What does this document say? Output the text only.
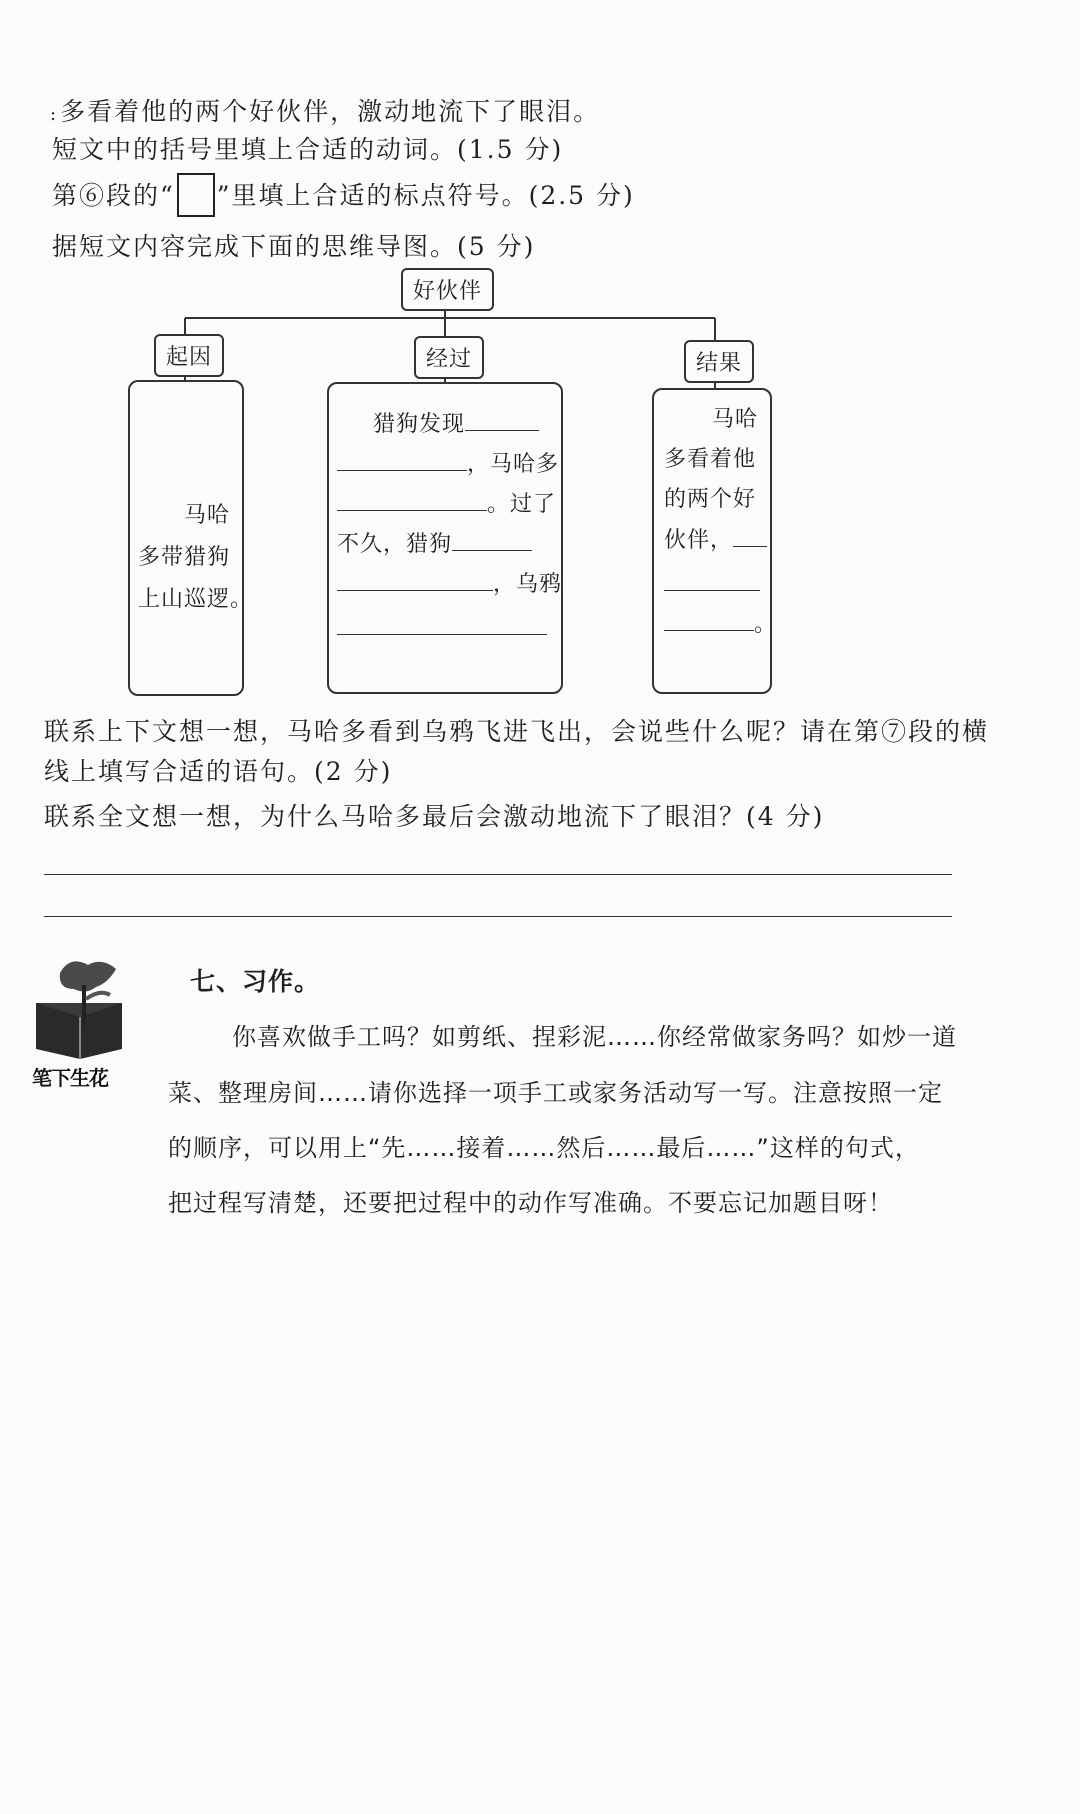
:多看着他的两个好伙伴，激动地流下了眼泪。
短文中的括号里填上合适的动词。(1.5 分)
第⑥段的“ ”里填上合适的标点符号。(2.5 分)
据短文内容完成下面的思维导图。(5 分)
好伙伴
起因	经过	结果
马哈
多带猎狗
上山巡逻。
猎狗发现
，马哈多
。过了
不久，猎狗
，乌鸦
马哈
多看着他
的两个好
伙伴，
。
联系上下文想一想，马哈多看到乌鸦飞进飞出，会说些什么呢？请在第⑦段的横
线上填写合适的语句。(2 分)
联系全文想一想，为什么马哈多最后会激动地流下了眼泪？(4 分)
笔下生花
七、习作。
你喜欢做手工吗？如剪纸、捏彩泥……你经常做家务吗？如炒一道
菜、整理房间……请你选择一项手工或家务活动写一写。注意按照一定
的顺序，可以用上“先……接着……然后……最后……”这样的句式，
把过程写清楚，还要把过程中的动作写准确。不要忘记加题目呀！
